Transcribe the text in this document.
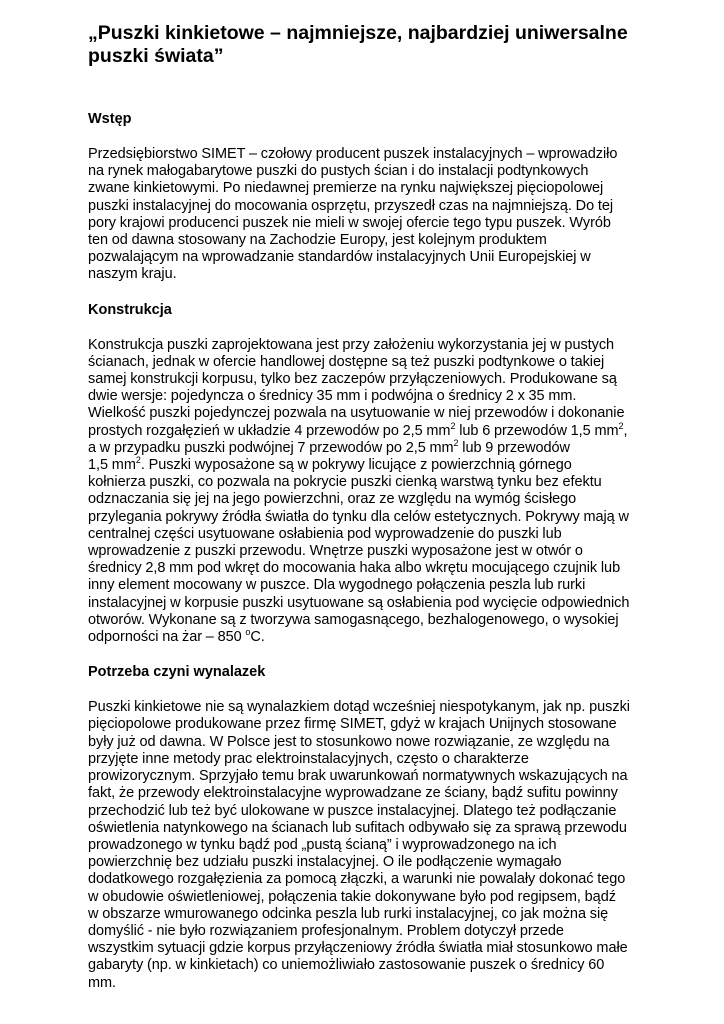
„Puszki kinkietowe – najmniejsze, najbardziej uniwersalne
puszki świata”
Wstęp
Przedsiębiorstwo SIMET – czołowy producent puszek instalacyjnych – wprowadziło
na rynek małogabarytowe puszki do pustych ścian i do instalacji podtynkowych
zwane kinkietowymi. Po niedawnej premierze na rynku największej pięciopolowej
puszki instalacyjnej do mocowania osprzętu, przyszedł czas na najmniejszą. Do tej
pory krajowi producenci puszek nie mieli w swojej ofercie tego typu puszek. Wyrób
ten od dawna stosowany na Zachodzie Europy, jest kolejnym produktem
pozwalającym na wprowadzanie standardów instalacyjnych Unii Europejskiej w
naszym kraju.
Konstrukcja
Konstrukcja puszki zaprojektowana jest przy założeniu wykorzystania jej w pustych
ścianach, jednak w ofercie handlowej dostępne są też puszki podtynkowe o takiej
samej konstrukcji korpusu, tylko bez zaczepów przyłączeniowych. Produkowane są
dwie wersje: pojedyncza o średnicy 35 mm i podwójna o średnicy 2 x 35 mm.
Wielkość puszki pojedynczej pozwala na usytuowanie w niej przewodów i dokonanie
prostych rozgałęzień w układzie 4 przewodów po 2,5 $mm^2$ lub 6 przewodów 1,5 $mm^2$,
a w przypadku puszki podwójnej 7 przewodów po 2,5 $mm^2$ lub 9 przewodów
1,5 $mm^2$. Puszki wyposażone są w pokrywy licujące z powierzchnią górnego
kołnierza puszki, co pozwala na pokrycie puszki cienką warstwą tynku bez efektu
odznaczania się jej na jego powierzchni, oraz ze względu na wymóg ścisłego
przylegania pokrywy źródła światła do tynku dla celów estetycznych. Pokrywy mają w
centralnej części usytuowane osłabienia pod wyprowadzenie do puszki lub
wprowadzenie z puszki przewodu. Wnętrze puszki wyposażone jest w otwór o
średnicy 2,8 mm pod wkręt do mocowania haka albo wkrętu mocującego czujnik lub
inny element mocowany w puszce. Dla wygodnego połączenia peszla lub rurki
instalacyjnej w korpusie puszki usytuowane są osłabienia pod wycięcie odpowiednich
otworów. Wykonane są z tworzywa samogasnącego, bezhalogenowego, o wysokiej
odporności na żar – 850 $^o$C.
Potrzeba czyni wynalazek
Puszki kinkietowe nie są wynalazkiem dotąd wcześniej niespotykanym, jak np. puszki
pięciopolowe produkowane przez firmę SIMET, gdyż w krajach Unijnych stosowane
były już od dawna. W Polsce jest to stosunkowo nowe rozwiązanie, ze względu na
przyjęte inne metody prac elektroinstalacyjnych, często o charakterze
prowizorycznym. Sprzyjało temu brak uwarunkowań normatywnych wskazujących na
fakt, że przewody elektroinstalacyjne wyprowadzane ze ściany, bądź sufitu powinny
przechodzić lub też być ulokowane w puszce instalacyjnej. Dlatego też podłączanie
oświetlenia natynkowego na ścianach lub sufitach odbywało się za sprawą przewodu
prowadzonego w tynku bądź pod „pustą ścianą” i wyprowadzonego na ich
powierzchnię bez udziału puszki instalacyjnej. O ile podłączenie wymagało
dodatkowego rozgałęzienia za pomocą złączki, a warunki nie powalały dokonać tego
w obudowie oświetleniowej, połączenia takie dokonywane było pod regipsem, bądź
w obszarze wmurowanego odcinka peszla lub rurki instalacyjnej, co jak można się
domyślić - nie było rozwiązaniem profesjonalnym. Problem dotyczył przede
wszystkim sytuacji gdzie korpus przyłączeniowy źródła światła miał stosunkowo małe
gabaryty (np. w kinkietach) co uniemożliwiało zastosowanie puszek o średnicy 60
mm.
